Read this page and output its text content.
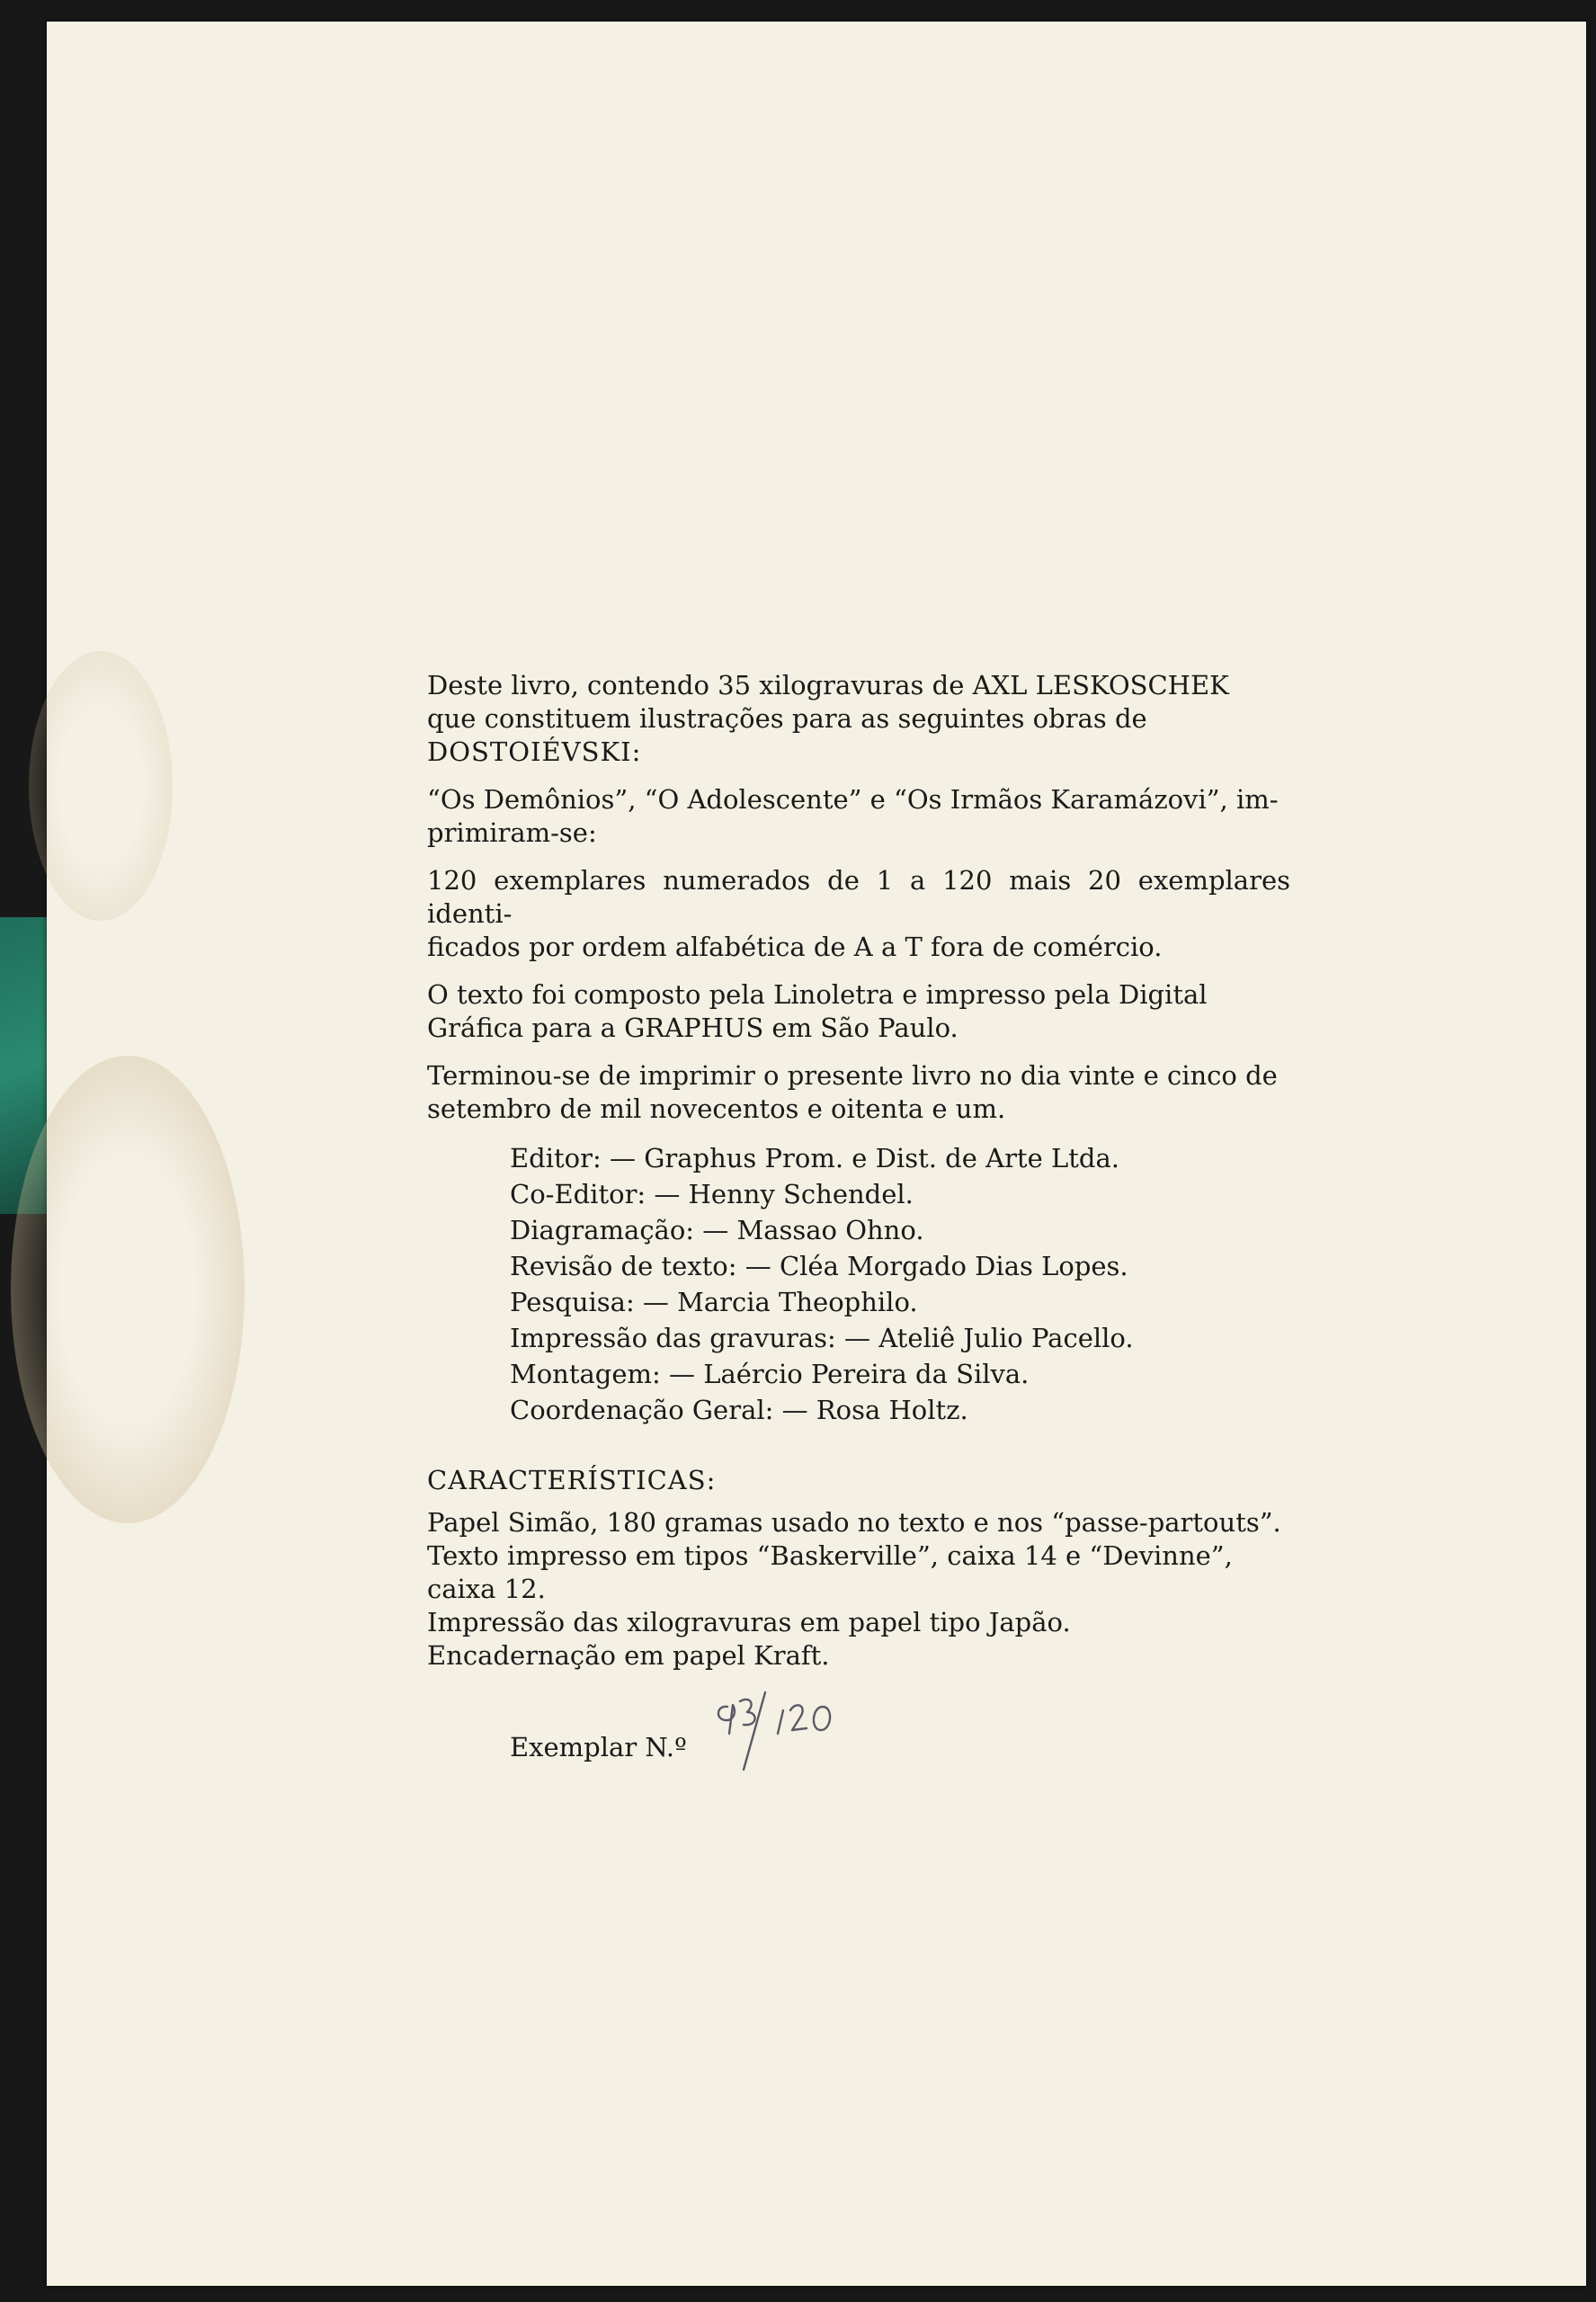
Deste livro, contendo 35 xilogravuras de AXL LESKOSCHEK
que constituem ilustrações para as seguintes obras de
DOSTOIÉVSKI:

“Os Demônios”, “O Adolescente” e “Os Irmãos Karamázovi”, im-
primiram-se:

120 exemplares numerados de 1 a 120 mais 20 exemplares identi-
ficados por ordem alfabética de A a T fora de comércio.

O texto foi composto pela Linoletra e impresso pela Digital
Gráfica para a GRAPHUS em São Paulo.

Terminou-se de imprimir o presente livro no dia vinte e cinco de
setembro de mil novecentos e oitenta e um.

Editor: — Graphus Prom. e Dist. de Arte Ltda.
Co-Editor: — Henny Schendel.
Diagramação: — Massao Ohno.
Revisão de texto: — Cléa Morgado Dias Lopes.
Pesquisa: — Marcia Theophilo.
Impressão das gravuras: — Ateliê Julio Pacello.
Montagem: — Laércio Pereira da Silva.
Coordenação Geral: — Rosa Holtz.
CARACTERÍSTICAS:
Papel Simão, 180 gramas usado no texto e nos “passe-partouts”.
Texto impresso em tipos “Baskerville”, caixa 14 e “Devinne”,
caixa 12.
Impressão das xilogravuras em papel tipo Japão.
Encadernação em papel Kraft.
Exemplar N.º
